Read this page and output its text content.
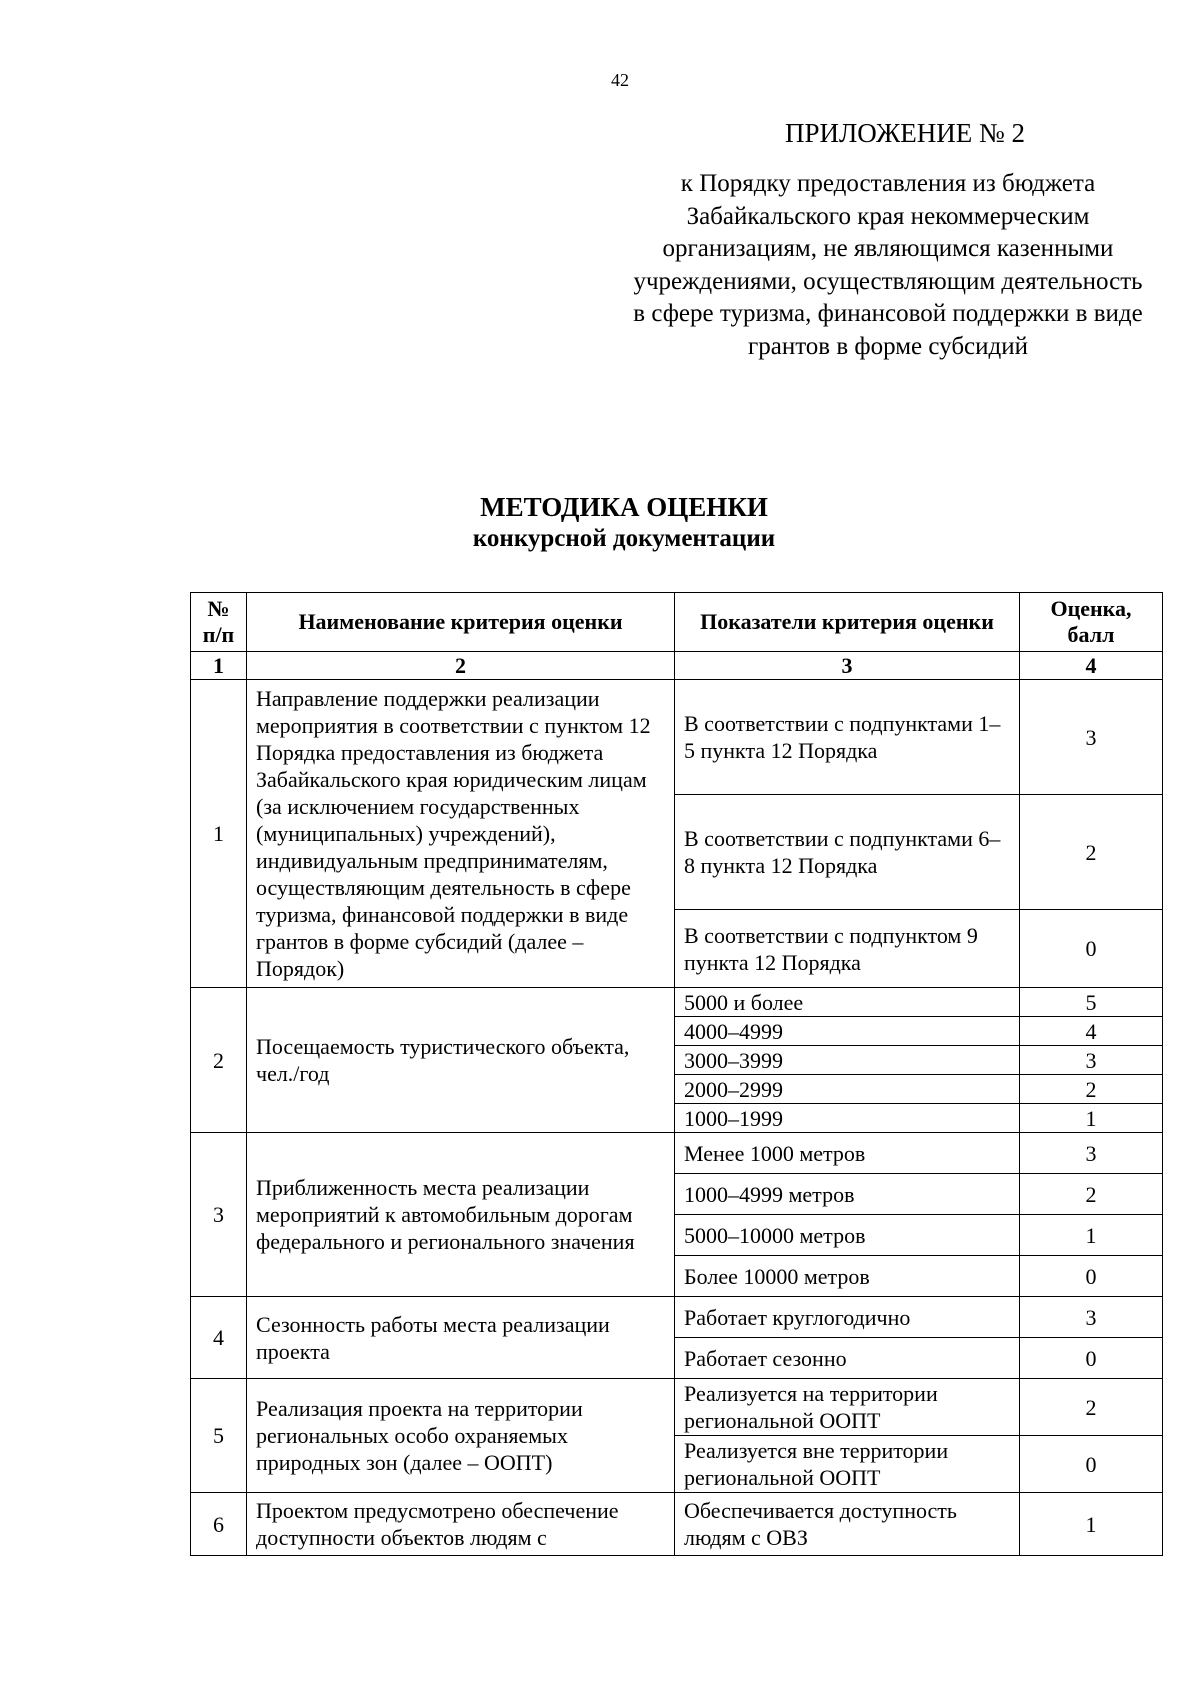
42
ПРИЛОЖЕНИЕ № 2
к Порядку предоставления из бюджета Забайкальского края некоммерческим организациям, не являющимся казенными учреждениями, осуществляющим деятельность в сфере туризма, финансовой поддержки в виде грантов в форме субсидий
МЕТОДИКА ОЦЕНКИ
конкурсной документации
№ п/п	Наименование критерия оценки	Показатели критерия оценки	Оценка, балл
1	2	3	4
1	Направление поддержки реализации мероприятия в соответствии с пунктом 12 Порядка предоставления из бюджета Забайкальского края юридическим лицам (за исключением государственных (муниципальных) учреждений), индивидуальным предпринимателям, осуществляющим деятельность в сфере туризма, финансовой поддержки в виде грантов в форме субсидий (далее – Порядок)	В соответствии с подпунктами 1–5 пункта 12 Порядка	3
		В соответствии с подпунктами 6–8 пункта 12 Порядка	2
		В соответствии с подпунктом 9 пункта 12 Порядка	0
2	Посещаемость туристического объекта, чел./год	5000 и более	5
		4000–4999	4
		3000–3999	3
		2000–2999	2
		1000–1999	1
3	Приближенность места реализации мероприятий к автомобильным дорогам федерального и регионального значения	Менее 1000 метров	3
		1000–4999 метров	2
		5000–10000 метров	1
		Более 10000 метров	0
4	Сезонность работы места реализации проекта	Работает круглогодично	3
		Работает сезонно	0
5	Реализация проекта на территории региональных особо охраняемых природных зон (далее – ООПТ)	Реализуется на территории региональной ООПТ	2
		Реализуется вне территории региональной ООПТ	0
6	Проектом предусмотрено обеспечение доступности объектов людям с	Обеспечивается доступность людям с ОВЗ	1
